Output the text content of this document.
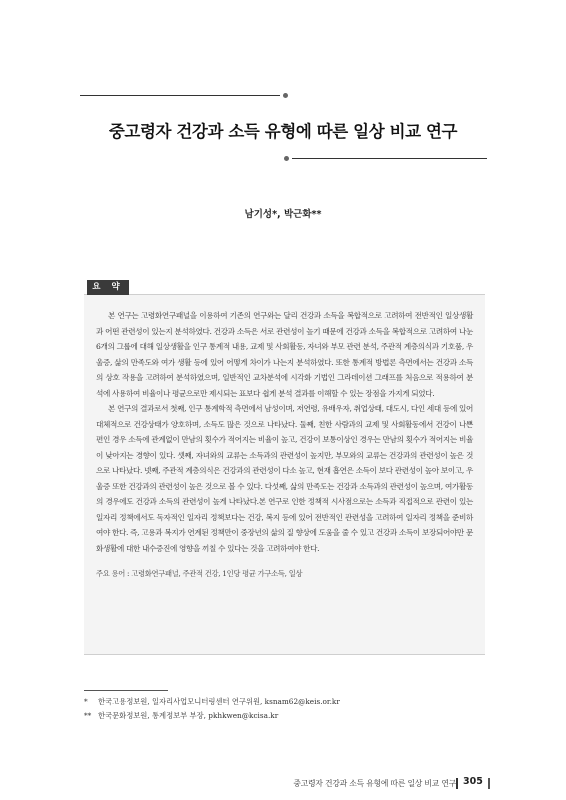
중고령자 건강과 소득 유형에 따른 일상 비교 연구
남기성*, 박근화**
요 약

본 연구는 고령화연구패널을 이용하여 기존의 연구와는 달리 건강과 소득을 복합적으로 고려하여 전반적인 일상생활과 어떤 관련성이 있는지 분석하였다. 건강과 소득은 서로 관련성이 높기 때문에 건강과 소득을 복합적으로 고려하여 나눈 6개의 그룹에 대해 일상생활을 인구 통계적 내용, 교제 및 사회활동, 자녀와 부모 관련 분석, 주관적 계층의식과 기호품, 우울증, 삶의 만족도와 여가 생활 등에 있어 어떻게 차이가 나는지 분석하였다. 또한 통계적 방법론 측면에서는 건강과 소득의 상호 작용을 고려하여 분석하였으며, 일반적인 교차분석에 시각화 기법인 그라데이션 그래프를 처음으로 적용하여 분석에 사용하여 비율이나 평균으로만 제시되는 표보다 쉽게 분석 결과를 이해할 수 있는 장점을 가지게 되었다.

본 연구의 결과로서 첫째, 인구 통계학적 측면에서 남성이며, 저연령, 유배우자, 취업상태, 대도시, 다인 세대 등에 있어 대체적으로 건강상태가 양호하며, 소득도 많은 것으로 나타났다. 둘째, 친한 사람과의 교제 및 사회활동에서 건강이 나쁜편인 경우 소득에 관계없이 만남의 횟수가 적어지는 비율이 높고, 건강이 보통이상인 경우는 만남의 횟수가 적어지는 비율이 낮아지는 경향이 있다. 셋째, 자녀와의 교류는 소득과의 관련성이 높지만, 부모와의 교류는 건강과의 관련성이 높은 것으로 나타났다. 넷째, 주관적 계층의식은 건강과의 관련성이 다소 높고, 현재 흡연은 소득이 보다 관련성이 높아 보이고, 우울증 또한 건강과의 관련성이 높은 것으로 볼 수 있다. 다섯째, 삶의 만족도는 건강과 소득과의 관련성이 높으며, 여가활동의 경우에도 건강과 소득의 관련성이 높게 나타났다.본 연구로 인한 정책적 시사점으로는 소득과 직접적으로 관련이 있는 일자리 정책에서도 독자적인 일자리 정책보다는 건강, 복지 등에 있어 전반적인 관련성을 고려하여 일자리 정책을 준비하여야 한다. 즉, 고용과 복지가 연계된 정책만이 중장년의 삶의 질 향상에 도움을 줄 수 있고 건강과 소득이 보장되어야만 문화생활에 대한 내수증진에 영향을 끼칠 수 있다는 것을 고려하여야 한다.

주요 용어 : 고령화연구패널, 주관적 건강, 1인당 평균 가구소득, 일상

* 한국고용정보원, 일자리사업모니터링센터 연구위원, ksnam62@keis.or.kr
** 한국문화정보원, 통계정보부 부장, pkhkwen@kcisa.kr
중고령자 건강과 소득 유형에 따른 일상 비교 연구 305
